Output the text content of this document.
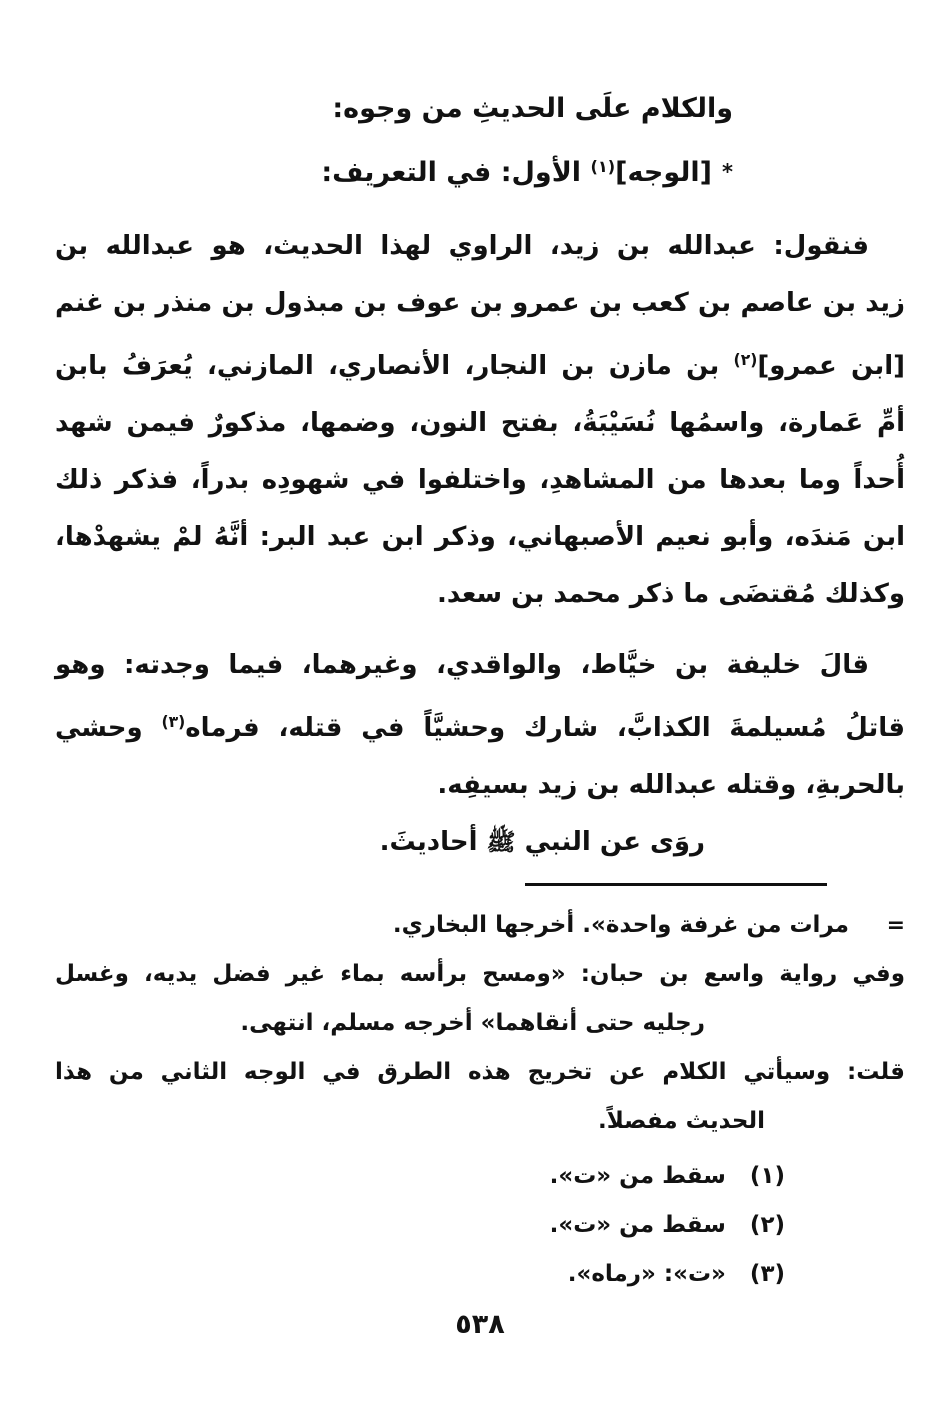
والكلام علَى الحديثِ من وجوه:
*[الوجه]$^{(١)}$ الأول: في التعريف:
فنقول: عبدالله بن زيد، الراوي لهذا الحديث، هو عبدالله بن
زيد بن عاصم بن كعب بن عمرو بن عوف بن مبذول بن منذر بن غنم
[ابن عمرو]$^{(٢)}$ بن مازن بن النجار، الأنصاري، المازني، يُعرَفُ بابن
أمِّ عَمارة، واسمُها نُسَيْبَةُ، بفتح النون، وضمها، مذكورٌ فيمن شهد
أُحداً وما بعدها من المشاهدِ، واختلفوا في شهودِه بدراً، فذكر ذلك
ابن مَندَه، وأبو نعيم الأصبهاني، وذكر ابن عبد البر: أنَّهُ لمْ يشهدْها،
وكذلك مُقتضَى ما ذكر محمد بن سعد.
قالَ خليفة بن خيَّاط، والواقدي، وغيرهما، فيما وجدته: وهو
قاتلُ مُسيلمةَ الكذابَّ، شارك وحشيَّاً في قتله، فرماه$^{(٣)}$ وحشي
بالحربةِ، وقتله عبدالله بن زيد بسيفِه.
روَى عن النبي ﷺ أحاديثَ.
=
مرات من غرفة واحدة». أخرجها البخاري.
وفي رواية واسع بن حبان: «ومسح برأسه بماء غير فضل يديه، وغسل
رجليه حتى أنقاهما» أخرجه مسلم، انتهى.
قلت: وسيأتي الكلام عن تخريج هذه الطرق في الوجه الثاني من هذا
الحديث مفصلاً.
(١)
سقط من «ت».
(٢)
سقط من «ت».
(٣)
«ت»: «رماه».
٥٣٨
